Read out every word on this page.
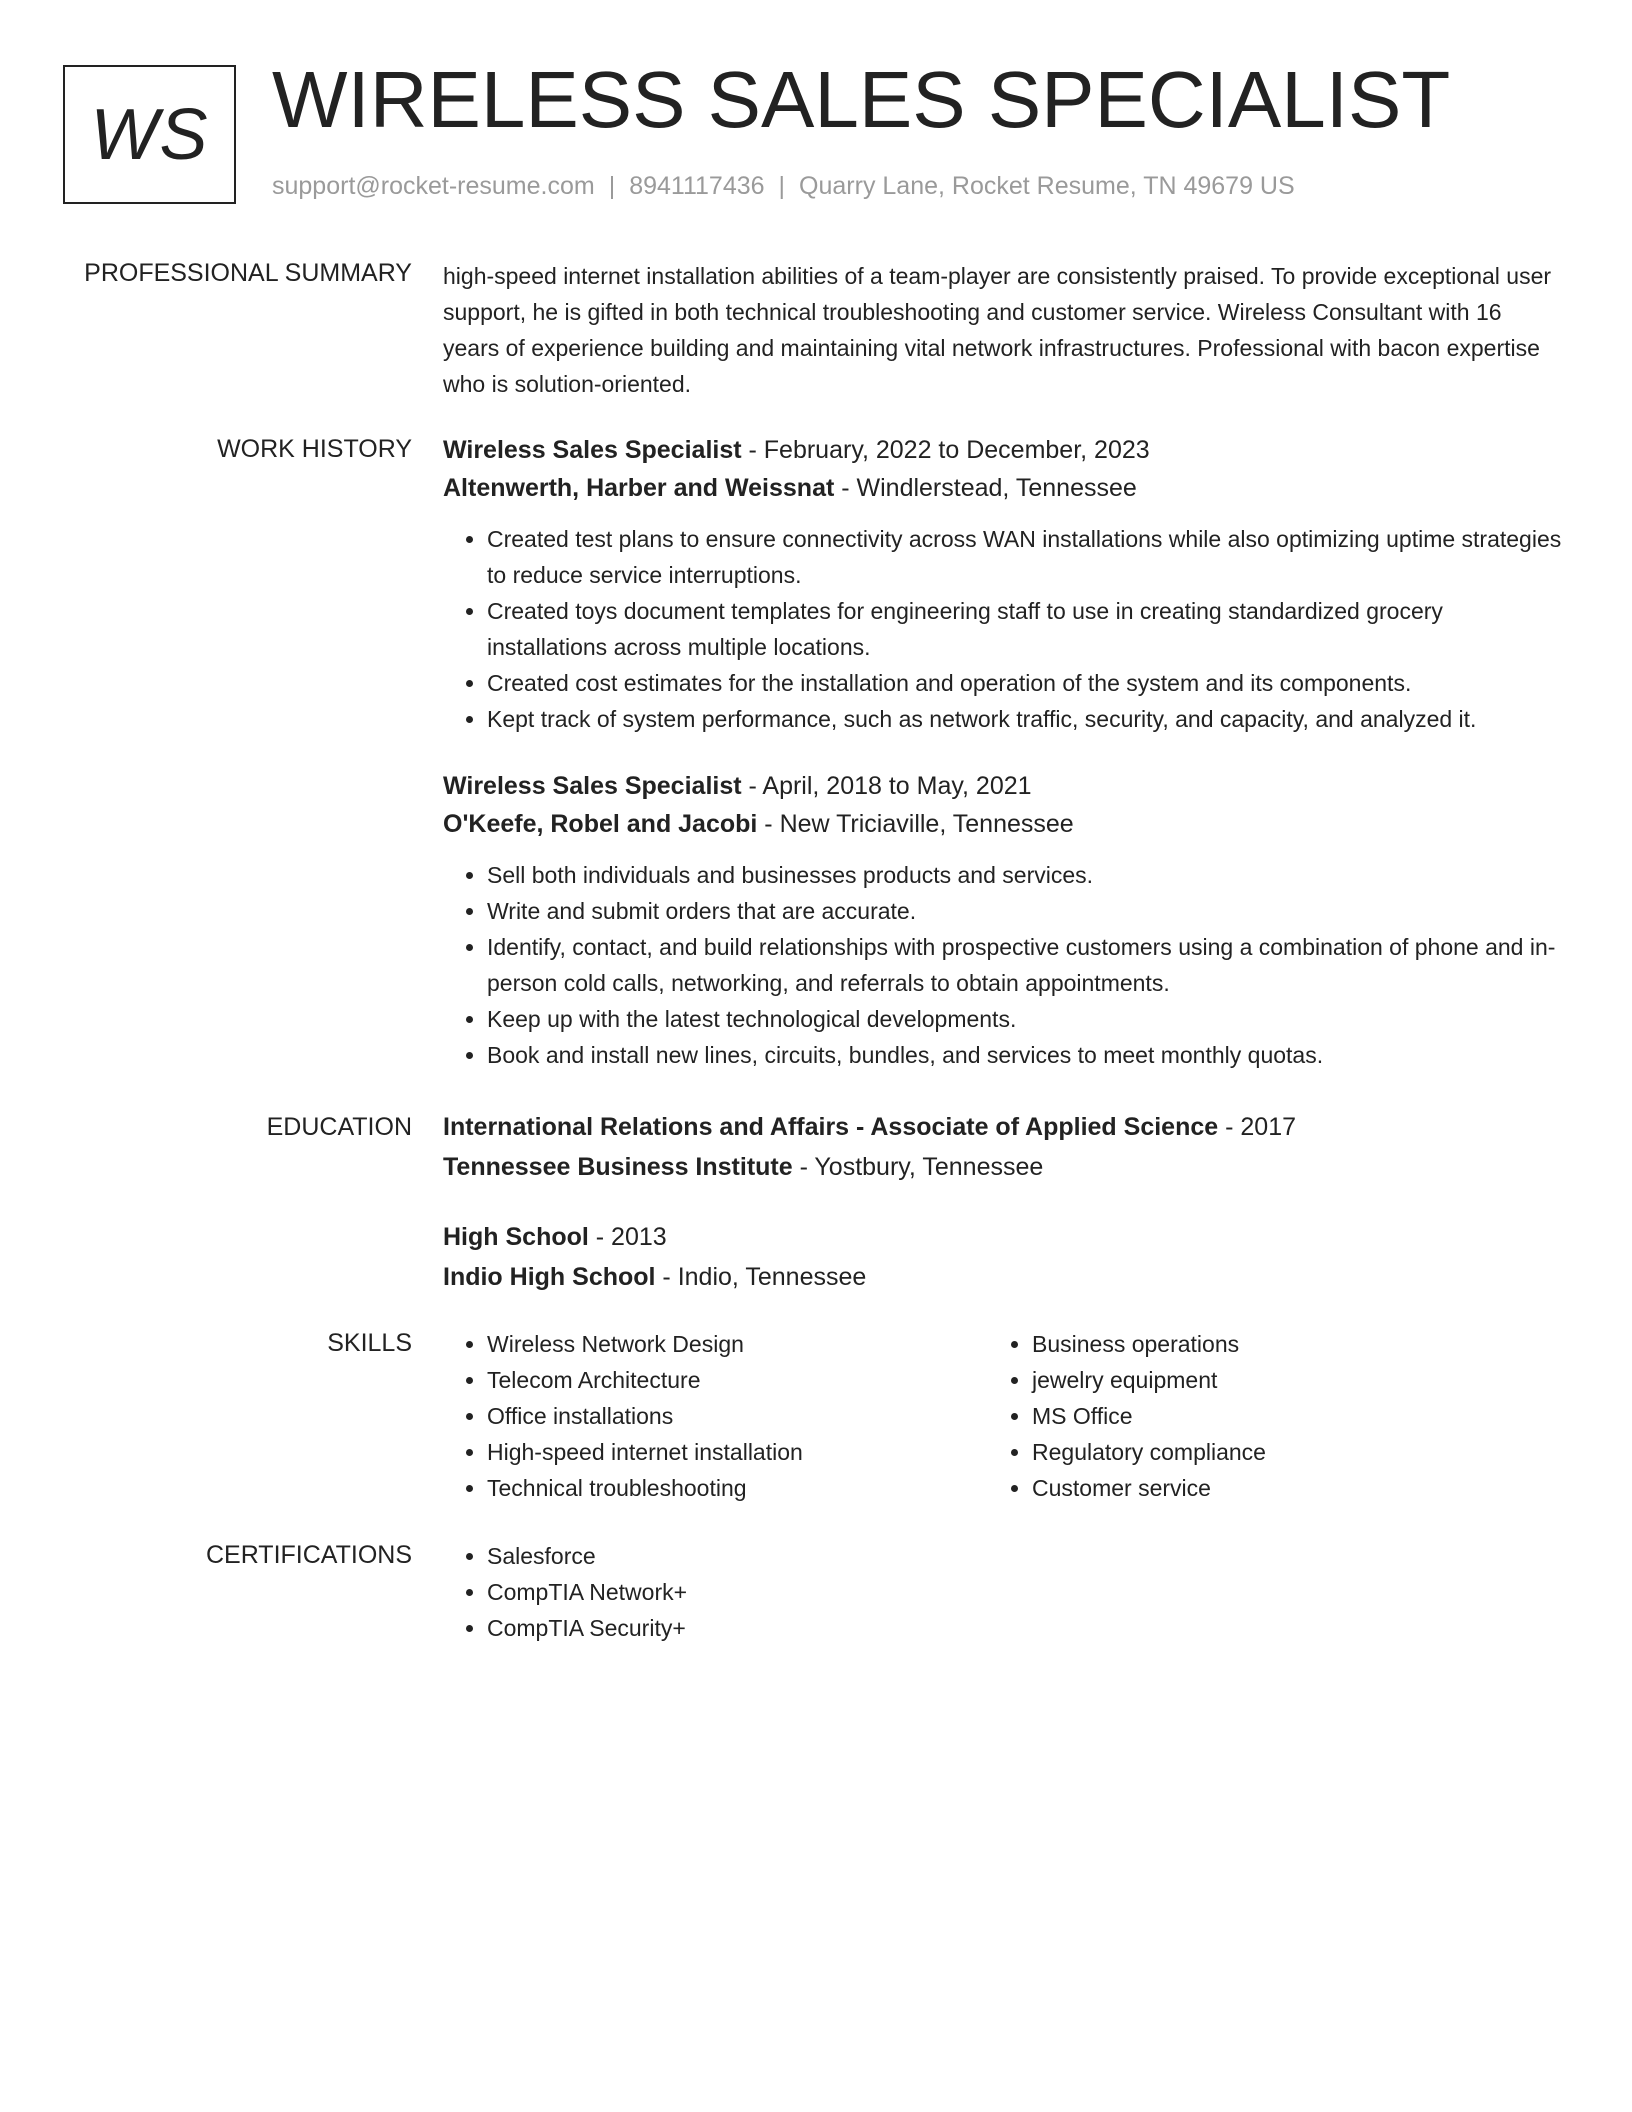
WS WIRELESS SALES SPECIALIST
support@rocket-resume.com | 8941117436 | Quarry Lane, Rocket Resume, TN 49679 US
PROFESSIONAL SUMMARY high-speed internet installation abilities of a team-player are consistently praised. To provide exceptional user support, he is gifted in both technical troubleshooting and customer service. Wireless Consultant with 16 years of experience building and maintaining vital network infrastructures. Professional with bacon expertise who is solution-oriented.

WORK HISTORY Wireless Sales Specialist - February, 2022 to December, 2023
Altenwerth, Harber and Weissnat - Windlerstead, Tennessee
• Created test plans to ensure connectivity across WAN installations while also optimizing uptime strategies to reduce service interruptions.
• Created toys document templates for engineering staff to use in creating standardized grocery installations across multiple locations.
• Created cost estimates for the installation and operation of the system and its components.
• Kept track of system performance, such as network traffic, security, and capacity, and analyzed it.
Wireless Sales Specialist - April, 2018 to May, 2021
O'Keefe, Robel and Jacobi - New Triciaville, Tennessee
• Sell both individuals and businesses products and services.
• Write and submit orders that are accurate.
• Identify, contact, and build relationships with prospective customers using a combination of phone and in-person cold calls, networking, and referrals to obtain appointments.
• Keep up with the latest technological developments.
• Book and install new lines, circuits, bundles, and services to meet monthly quotas.
EDUCATION International Relations and Affairs - Associate of Applied Science - 2017
Tennessee Business Institute - Yostbury, Tennessee
High School - 2013
Indio High School - Indio, Tennessee
SKILLS	• Wireless Network Design
• Telecom Architecture
• Office installations
• High-speed internet installation
• Technical troubleshooting
• Business operations
• jewelry equipment
• MS Office
• Regulatory compliance
• Customer service
CERTIFICATIONS	• Salesforce
• CompTIA Network+
• CompTIA Security+
